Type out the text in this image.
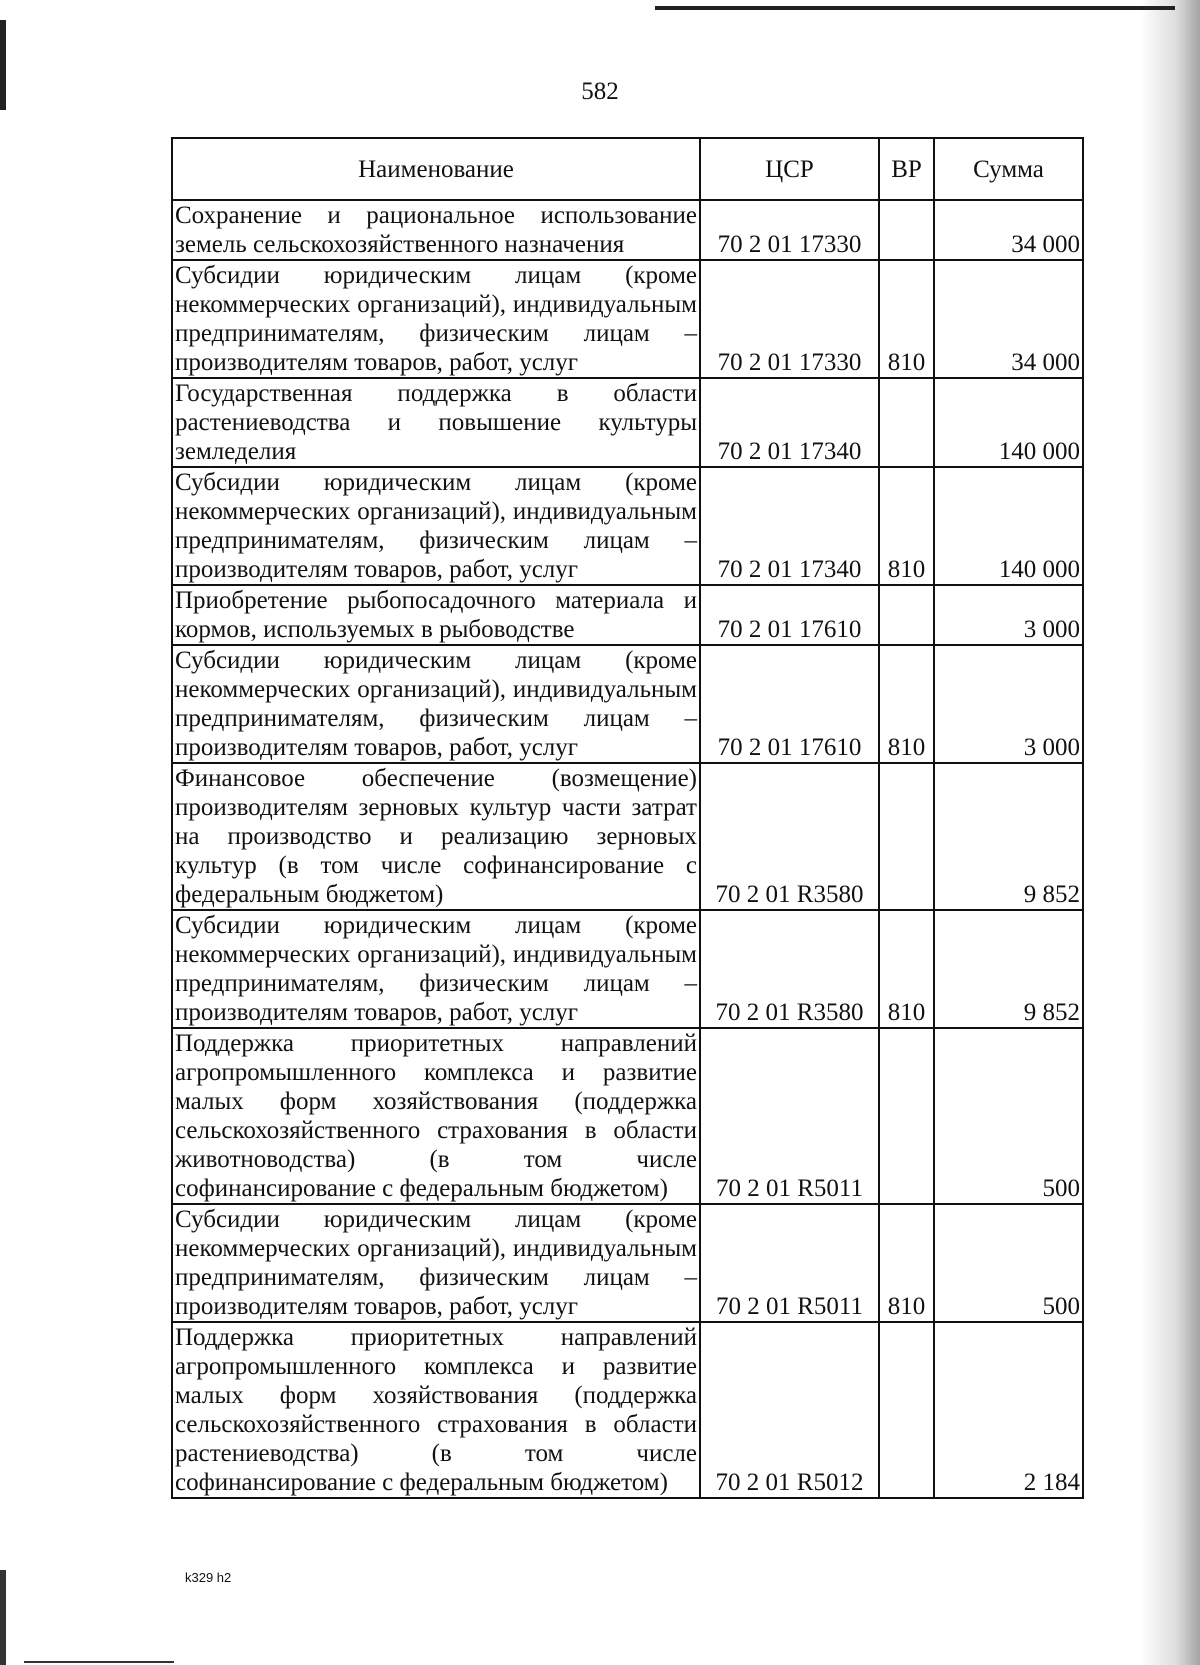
582
Наименование	ЦСР	ВР	Сумма
Сохранение и рациональное использование земель сельскохозяйственного назначения	70 2 01 17330		34 000
Субсидии юридическим лицам (кроме некоммерческих организаций), индивидуальным предпринимателям, физическим лицам – производителям товаров, работ, услуг	70 2 01 17330	810	34 000
Государственная поддержка в области растениеводства и повышение культуры земледелия	70 2 01 17340		140 000
Субсидии юридическим лицам (кроме некоммерческих организаций), индивидуальным предпринимателям, физическим лицам – производителям товаров, работ, услуг	70 2 01 17340	810	140 000
Приобретение рыбопосадочного материала и кормов, используемых в рыбоводстве	70 2 01 17610		3 000
Субсидии юридическим лицам (кроме некоммерческих организаций), индивидуальным предпринимателям, физическим лицам – производителям товаров, работ, услуг	70 2 01 17610	810	3 000
Финансовое обеспечение (возмещение) производителям зерновых культур части затрат на производство и реализацию зерновых культур (в том числе софинансирование с федеральным бюджетом)	70 2 01 R3580		9 852
Субсидии юридическим лицам (кроме некоммерческих организаций), индивидуальным предпринимателям, физическим лицам – производителям товаров, работ, услуг	70 2 01 R3580	810	9 852
Поддержка приоритетных направлений агропромышленного комплекса и развитие малых форм хозяйствования (поддержка сельскохозяйственного страхования в области животноводства) (в том числе софинансирование с федеральным бюджетом)	70 2 01 R5011		500
Субсидии юридическим лицам (кроме некоммерческих организаций), индивидуальным предпринимателям, физическим лицам – производителям товаров, работ, услуг	70 2 01 R5011	810	500
Поддержка приоритетных направлений агропромышленного комплекса и развитие малых форм хозяйствования (поддержка сельскохозяйственного страхования в области растениеводства) (в том числе софинансирование с федеральным бюджетом)	70 2 01 R5012		2 184
k329 h2
